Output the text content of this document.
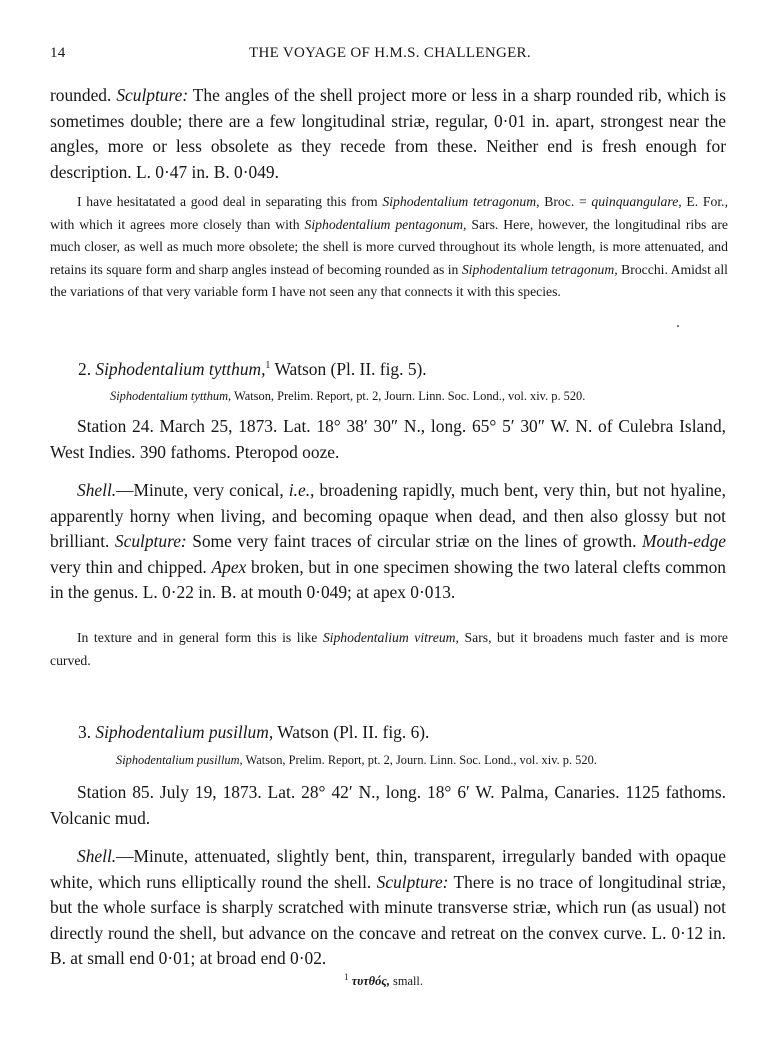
14	THE VOYAGE OF H.M.S. CHALLENGER.

rounded. Sculpture: The angles of the shell project more or less in a sharp rounded rib, which is sometimes double; there are a few longitudinal striæ, regular, 0·01 in. apart, strongest near the angles, more or less obsolete as they recede from these. Neither end is fresh enough for description. L. 0·47 in. B. 0·049.

I have hesitatated a good deal in separating this from Siphodentalium tetragonum, Broc. = quinquangulare, E. For., with which it agrees more closely than with Siphodentalium pentagonum, Sars. Here, however, the longitudinal ribs are much closer, as well as much more obsolete; the shell is more curved throughout its whole length, is more attenuated, and retains its square form and sharp angles instead of becoming rounded as in Siphodentalium tetragonum, Brocchi. Amidst all the variations of that very variable form I have not seen any that connects it with this species.

2. Siphodentalium tytthum,$^1$ Watson (Pl. II. fig. 5).

Siphodentalium tytthum, Watson, Prelim. Report, pt. 2, Journ. Linn. Soc. Lond., vol. xiv. p. 520.

Station 24. March 25, 1873. Lat. 18° 38′ 30″ N., long. 65° 5′ 30″ W. N. of Culebra Island, West Indies. 390 fathoms. Pteropod ooze.

Shell.—Minute, very conical, i.e., broadening rapidly, much bent, very thin, but not hyaline, apparently horny when living, and becoming opaque when dead, and then also glossy but not brilliant. Sculpture: Some very faint traces of circular striæ on the lines of growth. Mouth-edge very thin and chipped. Apex broken, but in one specimen showing the two lateral clefts common in the genus. L. 0·22 in. B. at mouth 0·049; at apex 0·013.

In texture and in general form this is like Siphodentalium vitreum, Sars, but it broadens much faster and is more curved.

3. Siphodentalium pusillum, Watson (Pl. II. fig. 6).

Siphodentalium pusillum, Watson, Prelim. Report, pt. 2, Journ. Linn. Soc. Lond., vol. xiv. p. 520.

Station 85. July 19, 1873. Lat. 28° 42′ N., long. 18° 6′ W. Palma, Canaries. 1125 fathoms. Volcanic mud.

Shell.—Minute, attenuated, slightly bent, thin, transparent, irregularly banded with opaque white, which runs elliptically round the shell. Sculpture: There is no trace of longitudinal striæ, but the whole surface is sharply scratched with minute transverse striæ, which run (as usual) not directly round the shell, but advance on the concave and retreat on the convex curve. L. 0·12 in. B. at small end 0·01; at broad end 0·02.

$^1$ τυτθός, small.
